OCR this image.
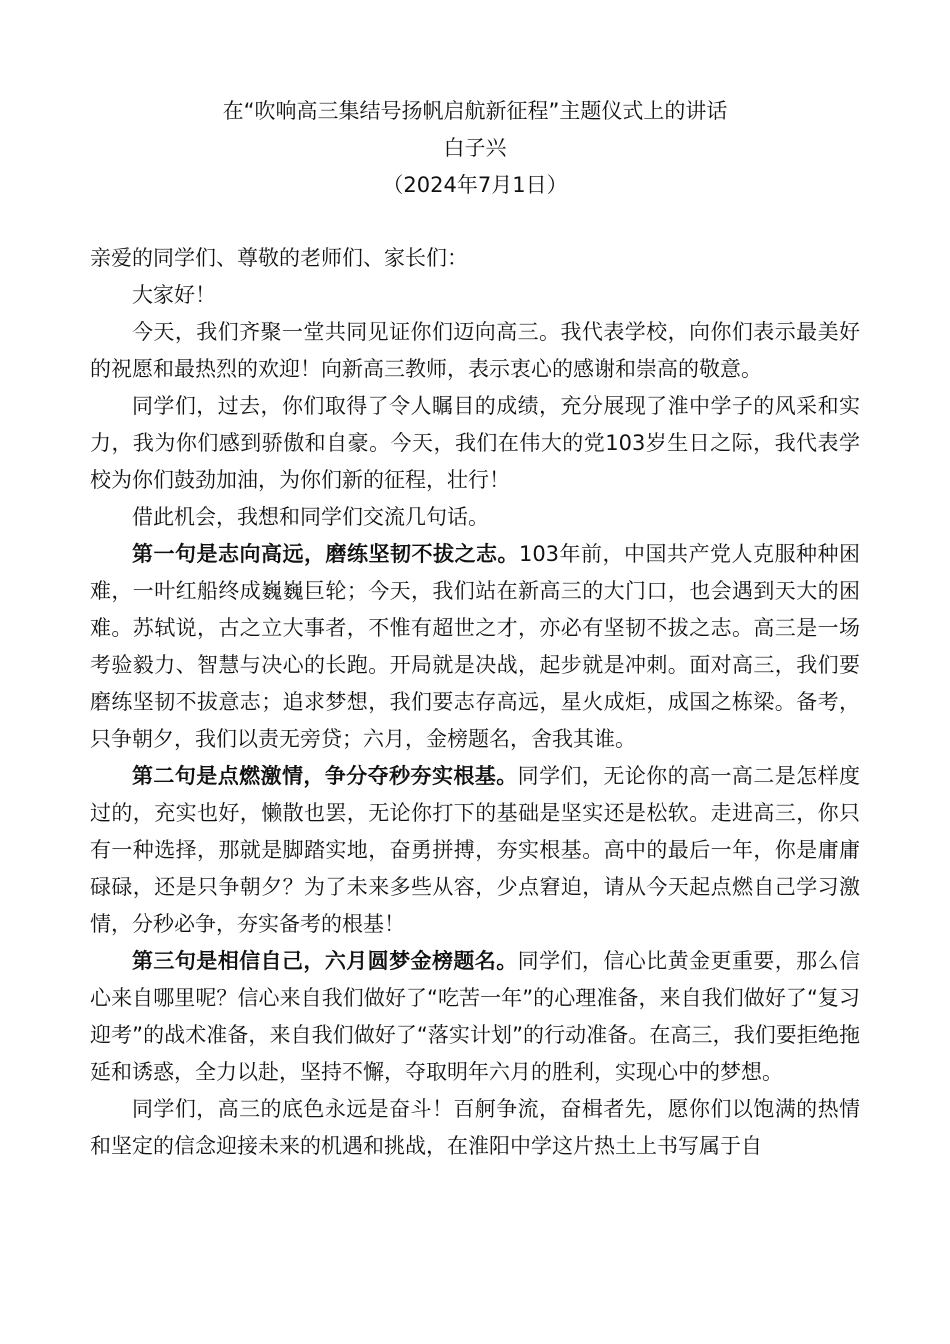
在“吹响高三集结号扬帆启航新征程”主题仪式上的讲话
白子兴
（2024年7月1日）

亲爱的同学们、尊敬的老师们、家长们：

大家好！

今天，我们齐聚一堂共同见证你们迈向高三。我代表学校，向你们表示最美好的祝愿和最热烈的欢迎！向新高三教师，表示衷心的感谢和崇高的敬意。

同学们，过去，你们取得了令人瞩目的成绩，充分展现了淮中学子的风采和实力，我为你们感到骄傲和自豪。今天，我们在伟大的党103岁生日之际，我代表学校为你们鼓劲加油，为你们新的征程，壮行！

借此机会，我想和同学们交流几句话。

第一句是志向高远，磨练坚韧不拔之志。103年前，中国共产党人克服种种困难，一叶红船终成巍巍巨轮；今天，我们站在新高三的大门口，也会遇到天大的困难。苏轼说，古之立大事者，不惟有超世之才，亦必有坚韧不拔之志。高三是一场考验毅力、智慧与决心的长跑。开局就是决战，起步就是冲刺。面对高三，我们要磨练坚韧不拔意志；追求梦想，我们要志存高远，星火成炬，成国之栋梁。备考，只争朝夕，我们以责无旁贷；六月，金榜题名，舍我其谁。

第二句是点燃激情，争分夺秒夯实根基。同学们，无论你的高一高二是怎样度过的，充实也好，懒散也罢，无论你打下的基础是坚实还是松软。走进高三，你只有一种选择，那就是脚踏实地，奋勇拼搏，夯实根基。高中的最后一年，你是庸庸碌碌，还是只争朝夕？为了未来多些从容，少点窘迫，请从今天起点燃自己学习激情，分秒必争，夯实备考的根基！

第三句是相信自己，六月圆梦金榜题名。同学们，信心比黄金更重要，那么信心来自哪里呢？信心来自我们做好了“吃苦一年”的心理准备，来自我们做好了“复习迎考”的战术准备，来自我们做好了“落实计划”的行动准备。在高三，我们要拒绝拖延和诱惑，全力以赴，坚持不懈，夺取明年六月的胜利，实现心中的梦想。

同学们，高三的底色永远是奋斗！百舸争流，奋楫者先，愿你们以饱满的热情和坚定的信念迎接未来的机遇和挑战，在淮阳中学这片热土上书写属于自
